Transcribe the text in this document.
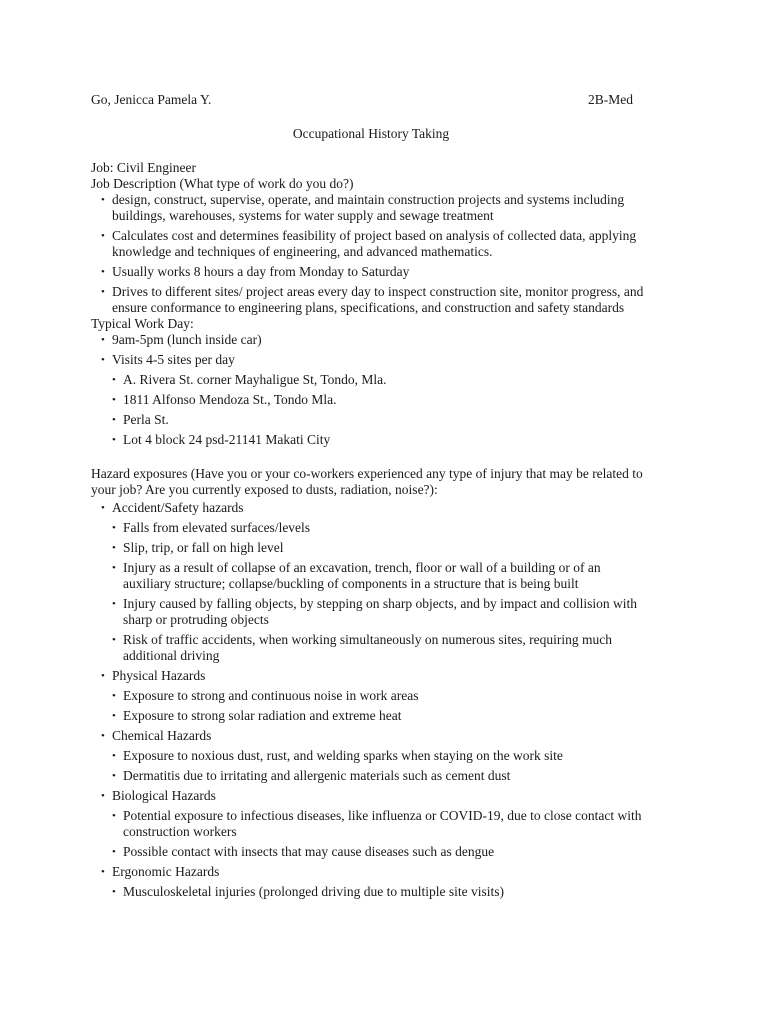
Go, Jenicca Pamela Y.	2B-Med
Occupational History Taking

Job: Civil Engineer

Job Description (What type of work do you do?)

• design, construct, supervise, operate, and maintain construction projects and systems including buildings, warehouses, systems for water supply and sewage treatment
• Calculates cost and determines feasibility of project based on analysis of collected data, applying knowledge and techniques of engineering, and advanced mathematics.
• Usually works 8 hours a day from Monday to Saturday
• Drives to different sites/ project areas every day to inspect construction site, monitor progress, and ensure conformance to engineering plans, specifications, and construction and safety standards

Typical Work Day:

• 9am-5pm (lunch inside car)
• Visits 4-5 sites per day
• A. Rivera St. corner Mayhaligue St, Tondo, Mla.
• 1811 Alfonso Mendoza St., Tondo Mla.
• Perla St.
• Lot 4 block 24 psd-21141 Makati City

Hazard exposures (Have you or your co-workers experienced any type of injury that may be related to your job? Are you currently exposed to dusts, radiation, noise?):

• Accident/Safety hazards
• Falls from elevated surfaces/levels
• Slip, trip, or fall on high level
• Injury as a result of collapse of an excavation, trench, floor or wall of a building or of an auxiliary structure; collapse/buckling of components in a structure that is being built
• Injury caused by falling objects, by stepping on sharp objects, and by impact and collision with sharp or protruding objects
• Risk of traffic accidents, when working simultaneously on numerous sites, requiring much additional driving
• Physical Hazards
• Exposure to strong and continuous noise in work areas
• Exposure to strong solar radiation and extreme heat
• Chemical Hazards
• Exposure to noxious dust, rust, and welding sparks when staying on the work site
• Dermatitis due to irritating and allergenic materials such as cement dust
• Biological Hazards
• Potential exposure to infectious diseases, like influenza or COVID-19, due to close contact with construction workers
• Possible contact with insects that may cause diseases such as dengue
• Ergonomic Hazards
• Musculoskeletal injuries (prolonged driving due to multiple site visits)
